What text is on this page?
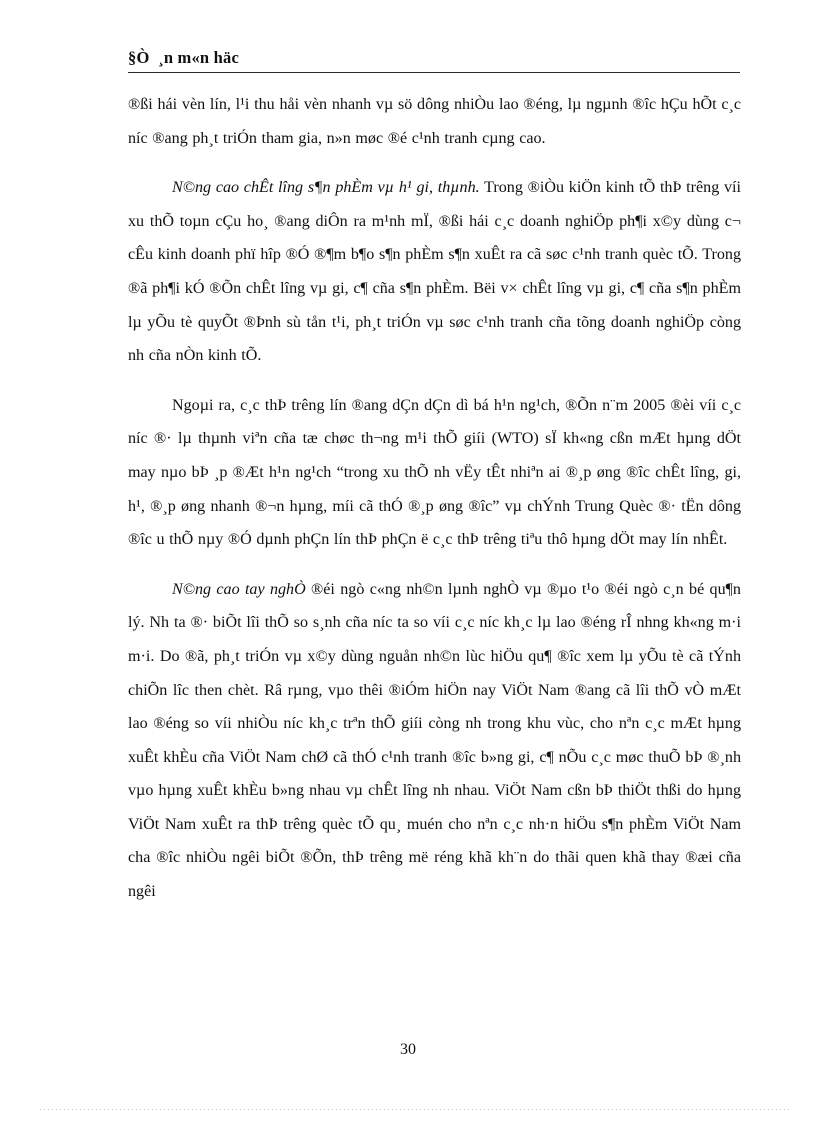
§Ò  ¸n m«n häc

®ßi hái vèn lín, l¹i thu håi vèn nhanh vµ sö dông nhiÒu lao ®éng, lµ ngµnh ®îc hÇu hÕt c¸c níc ®ang ph¸t triÓn tham gia, n»n møc ®é c¹nh tranh cµng cao.

N©ng cao chÊt lîng s¶n phÈm vµ h¹ gi, thµnh. Trong ®iÒu kiÖn kinh tÕ thÞ trêng víi xu thÕ toµn cÇu ho¸ ®ang diÔn ra m¹nh mÏ, ®ßi hái c¸c doanh nghiÖp ph¶i x©y dùng c¬ cÊu kinh doanh phï hîp ®Ó ®¶m b¶o s¶n phÈm s¶n xuÊt ra cã søc c¹nh tranh quèc tÕ. Trong ®ã ph¶i kÓ ®Õn chÊt lîng vµ gi, c¶ cña s¶n phÈm. Bëi v× chÊt lîng vµ gi, c¶ cña s¶n phÈm lµ yÕu tè quyÕt ®Þnh sù tån t¹i, ph¸t triÓn vµ søc c¹nh tranh cña tõng doanh nghiÖp còng nh cña nÒn kinh tÕ.

Ngoµi ra, c¸c thÞ trêng lín ®ang dÇn dÇn dì bá h¹n ng¹ch, ®Õn n¨m 2005 ®èi víi c¸c níc ®· lµ thµnh viªn cña tæ chøc th¬ng m¹i thÕ giíi (WTO) sÏ kh«ng cßn mÆt hµng dÖt may nµo bÞ ¸p ®Æt h¹n ng¹ch “trong xu thÕ nh vËy tÊt nhiªn ai ®¸p øng ®îc chÊt lîng, gi, h¹, ®¸p øng nhanh ®¬n hµng, míi cã thÓ ®¸p øng ®îc” vµ chÝnh Trung Quèc ®· tËn dông ®îc u thÕ nµy ®Ó dµnh phÇn lín thÞ phÇn ë c¸c thÞ trêng tiªu thô hµng dÖt may lín nhÊt.

N©ng cao tay nghÒ ®éi ngò c«ng nh©n lµnh nghÒ vµ ®µo t¹o ®éi ngò c¸n bé qu¶n lý. Nh ta ®· biÕt lîi thÕ so s¸nh cña níc ta so víi c¸c níc kh¸c lµ lao ®éng rÎ nhng kh«ng m·i m·i. Do ®ã, ph¸t triÓn vµ x©y dùng nguån nh©n lùc hiÖu qu¶ ®îc xem lµ yÕu tè cã tÝnh chiÕn lîc then chèt. Râ rµng, vµo thêi ®iÓm hiÖn nay ViÖt Nam ®ang cã lîi thÕ vÒ mÆt lao ®éng so víi nhiÒu níc kh¸c trªn thÕ giíi còng nh trong khu vùc, cho nªn c¸c mÆt hµng xuÊt khÈu cña ViÖt Nam chØ cã thÓ c¹nh tranh ®îc b»ng gi, c¶ nÕu c¸c møc thuÕ bÞ ®¸nh vµo hµng xuÊt khÈu b»ng nhau vµ chÊt lîng nh nhau. ViÖt Nam cßn bÞ thiÖt thßi do hµng ViÖt Nam xuÊt ra thÞ trêng quèc tÕ qu¸ muén cho nªn c¸c nh·n hiÖu s¶n phÈm ViÖt Nam cha ®îc nhiÒu ngêi biÕt ®Õn, thÞ trêng më réng khã kh¨n do thãi quen khã thay ®æi cña ngêi

30
